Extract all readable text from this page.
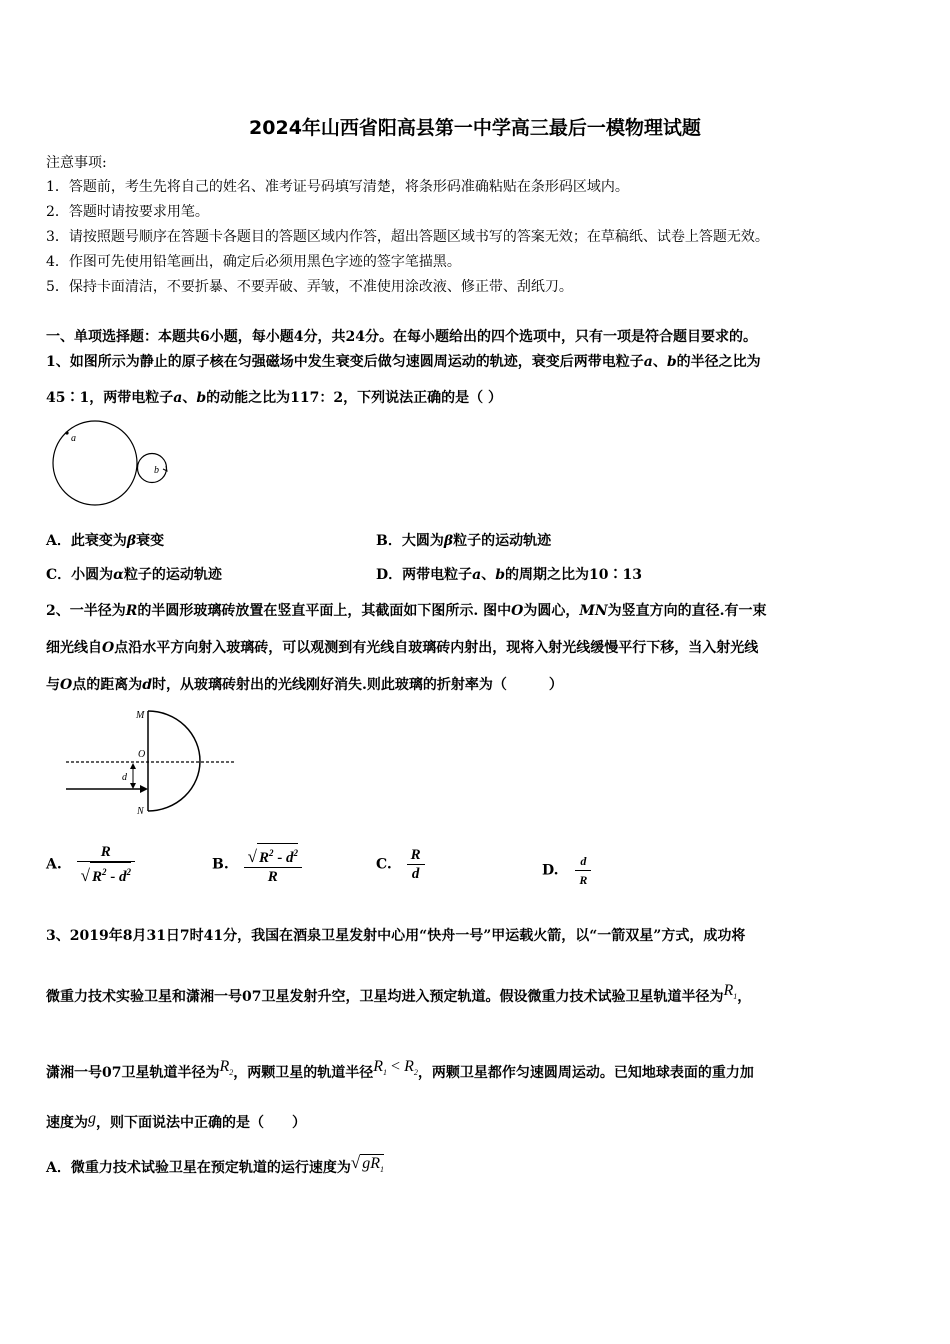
2024年山西省阳高县第一中学高三最后一模物理试题
注意事项:
1．答题前，考生先将自己的姓名、准考证号码填写清楚，将条形码准确粘贴在条形码区域内。
2．答题时请按要求用笔。
3．请按照题号顺序在答题卡各题目的答题区域内作答，超出答题区域书写的答案无效；在草稿纸、试卷上答题无效。
4．作图可先使用铅笔画出，确定后必须用黑色字迹的签字笔描黑。
5．保持卡面清洁，不要折暴、不要弄破、弄皱，不准使用涂改液、修正带、刮纸刀。
一、单项选择题：本题共6小题，每小题4分，共24分。在每小题给出的四个选项中，只有一项是符合题目要求的。
1、如图所示为静止的原子核在匀强磁场中发生衰变后做匀速圆周运动的轨迹，衰变后两带电粒子a、b的半径之比为
45∶1，两带电粒子a、b的动能之比为117：2，下列说法正确的是（ ）
a
b
A．此衰变为β衰变	B．大圆为β粒子的运动轨迹
C．小圆为α粒子的运动轨迹	D．两带电粒子a、b的周期之比为10∶13
2、一半径为R的半圆形玻璃砖放置在竖直平面上，其截面如下图所示. 图中O为圆心，MN为竖直方向的直径.有一束
细光线自O点沿水平方向射入玻璃砖，可以观测到有光线自玻璃砖内射出，现将入射光线缓慢平行下移，当入射光线
与O点的距离为d时，从玻璃砖射出的光线刚好消失.则此玻璃的折射率为（　　　）
M
O
d
N
A. $\frac{R}{√ R^2 - d^2}$	B. $\frac{√ R^2 - d^2}{R}$	C. $\frac{R}{d}$	D. $\frac{d}{R}$
3、2019年8月31日7时41分，我国在酒泉卫星发射中心用“快舟一号”甲运载火箭，以“一箭双星”方式，成功将
微重力技术实验卫星和潇湘一号07卫星发射升空，卫星均进入预定轨道。假设微重力技术试验卫星轨道半径为$R_1$，
潇湘一号07卫星轨道半径为$R_2$，两颗卫星的轨道半径$R_1 < R_2$，两颗卫星都作匀速圆周运动。已知地球表面的重力加
速度为g，则下面说法中正确的是（　　）
A．微重力技术试验卫星在预定轨道的运行速度为√ $gR_1$
